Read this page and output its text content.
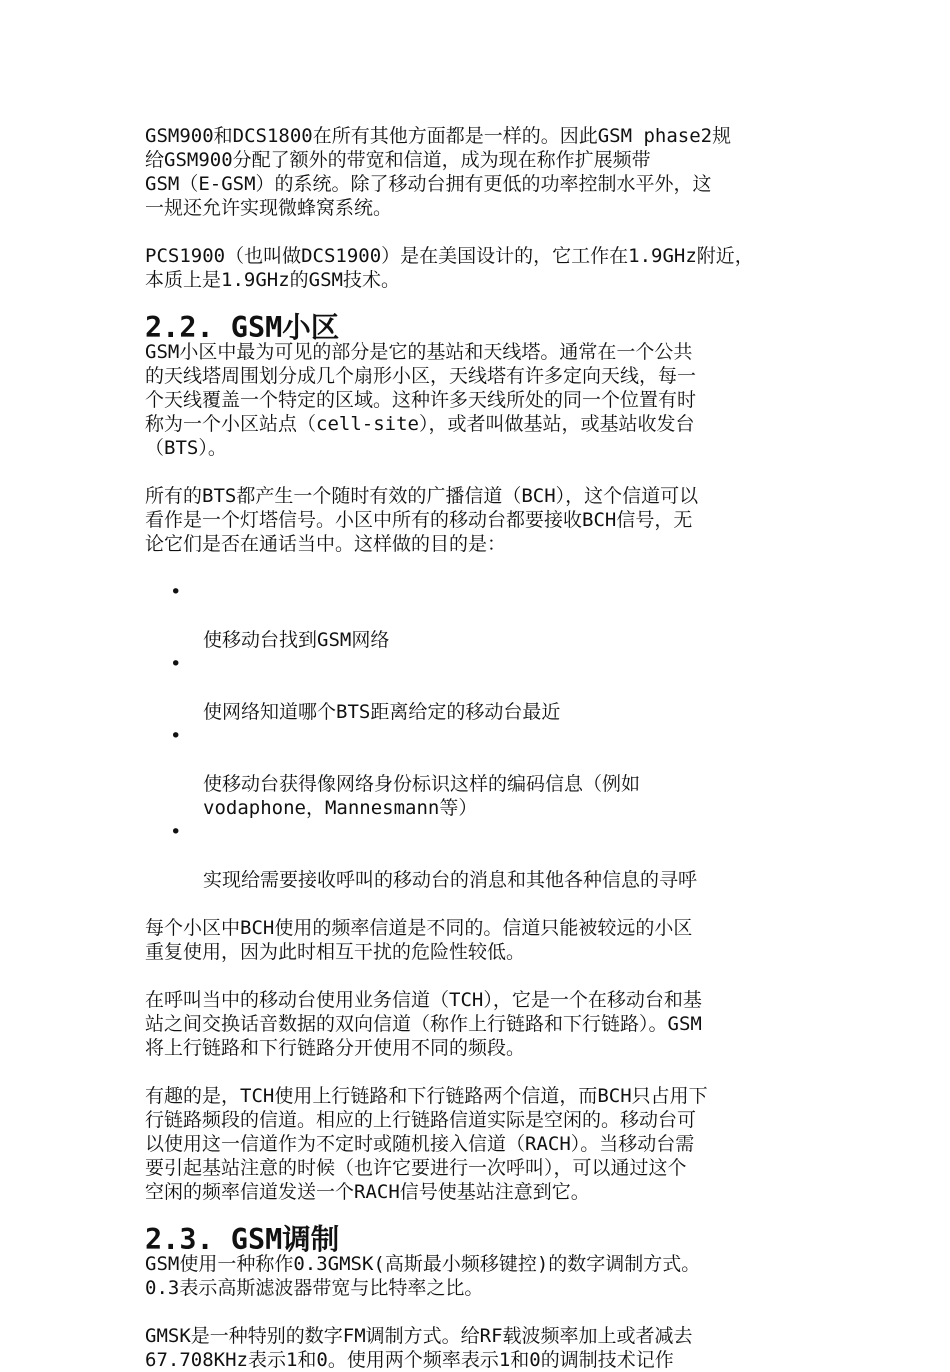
GSM900和DCS1800在所有其他方面都是一样的。因此GSM phase2规
给GSM900分配了额外的带宽和信道，成为现在称作扩展频带
GSM（E-GSM）的系统。除了移动台拥有更低的功率控制水平外，这
一规还允许实现微蜂窝系统。

PCS1900（也叫做DCS1900）是在美国设计的，它工作在1.9GHz附近，
本质上是1.9GHz的GSM技术。

2.2. GSM小区

GSM小区中最为可见的部分是它的基站和天线塔。通常在一个公共
的天线塔周围划分成几个扇形小区，天线塔有许多定向天线，每一
个天线覆盖一个特定的区域。这种许多天线所处的同一个位置有时
称为一个小区站点（cell-site），或者叫做基站，或基站收发台
（BTS）。

所有的BTS都产生一个随时有效的广播信道（BCH），这个信道可以
看作是一个灯塔信号。小区中所有的移动台都要接收BCH信号，无
论它们是否在通话当中。这样做的目的是：

•

使移动台找到GSM网络

•

使网络知道哪个BTS距离给定的移动台最近

•

使移动台获得像网络身份标识这样的编码信息（例如
vodaphone，Mannesmann等）

•

实现给需要接收呼叫的移动台的消息和其他各种信息的寻呼

每个小区中BCH使用的频率信道是不同的。信道只能被较远的小区
重复使用，因为此时相互干扰的危险性较低。

在呼叫当中的移动台使用业务信道（TCH），它是一个在移动台和基
站之间交换话音数据的双向信道（称作上行链路和下行链路）。GSM
将上行链路和下行链路分开使用不同的频段。

有趣的是，TCH使用上行链路和下行链路两个信道，而BCH只占用下
行链路频段的信道。相应的上行链路信道实际是空闲的。移动台可
以使用这一信道作为不定时或随机接入信道（RACH）。当移动台需
要引起基站注意的时候（也许它要进行一次呼叫），可以通过这个
空闲的频率信道发送一个RACH信号使基站注意到它。

2.3. GSM调制

GSM使用一种称作0.3GMSK(高斯最小频移键控)的数字调制方式。
0.3表示高斯滤波器带宽与比特率之比。

GMSK是一种特别的数字FM调制方式。给RF载波频率加上或者减去
67.708KHz表示1和0。使用两个频率表示1和0的调制技术记作
